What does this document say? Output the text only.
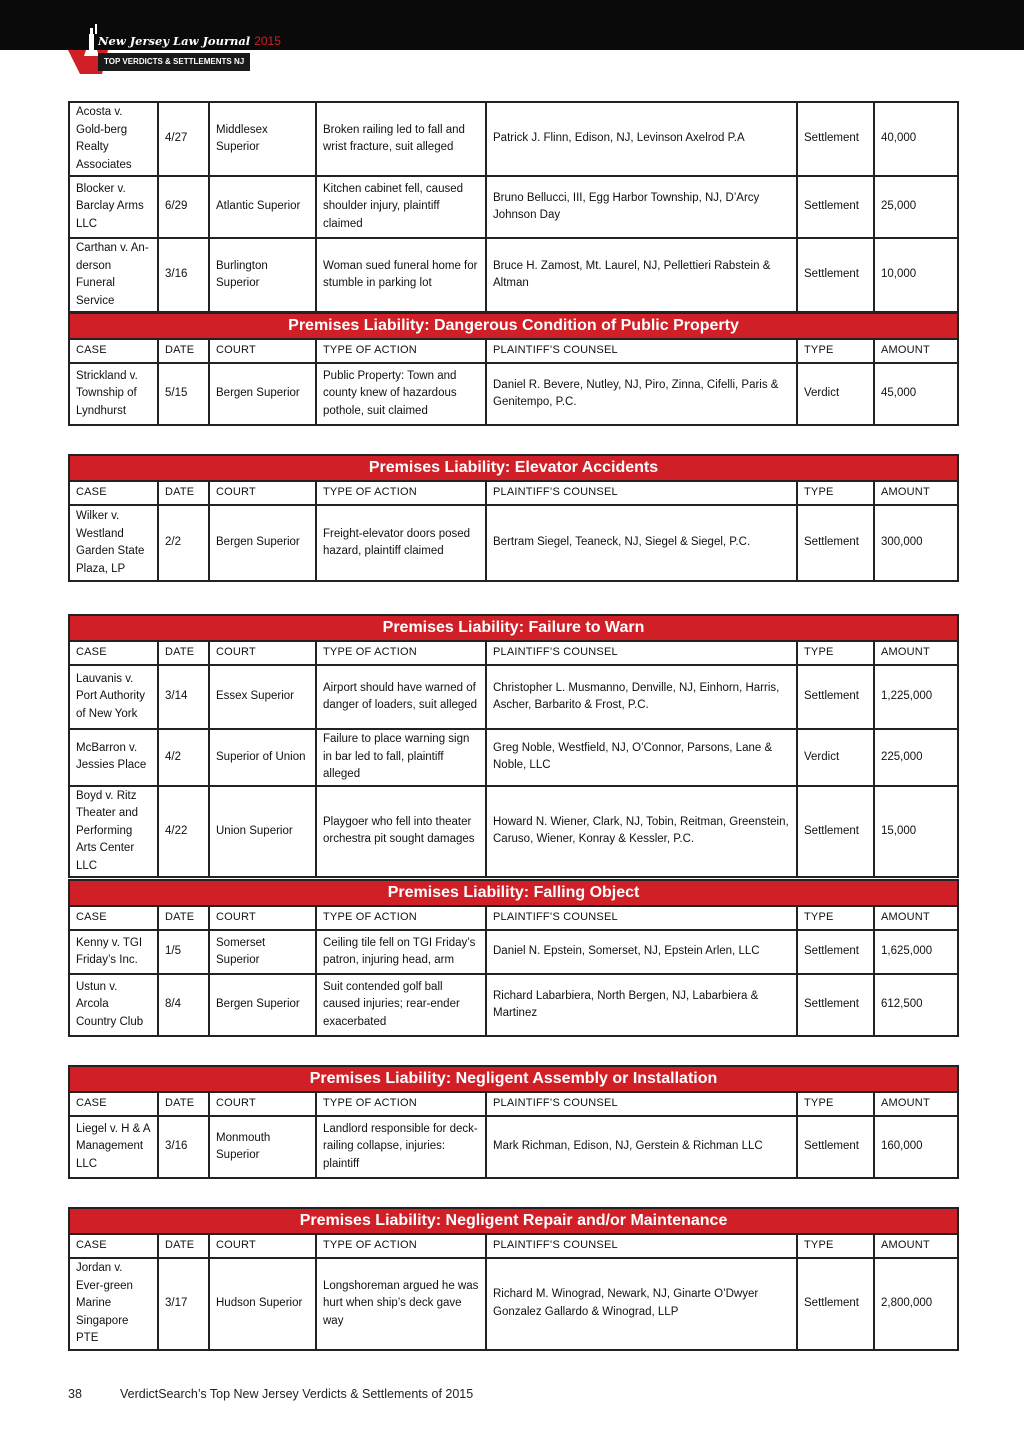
New Jersey Law Journal 2015
TOP VERDICTS & SETTLEMENTS NJ
Acosta v. Gold-berg Realty Associates	4/27	Middlesex Superior	Broken railing led to fall and wrist fracture, suit alleged	Patrick J. Flinn, Edison, NJ, Levinson Axelrod P.A	Settlement	40,000
Blocker v. Barclay Arms LLC	6/29	Atlantic Superior	Kitchen cabinet fell, caused shoulder injury, plaintiff claimed	Bruno Bellucci, III, Egg Harbor Township, NJ, D’Arcy Johnson Day	Settlement	25,000
Carthan v. An-derson Funeral Service	3/16	Burlington Superior	Woman sued funeral home for stumble in parking lot	Bruce H. Zamost, Mt. Laurel, NJ, Pellettieri Rabstein & Altman	Settlement	10,000
Premises Liability: Dangerous Condition of Public Property						
CASE	DATE	COURT	TYPE OF ACTION	PLAINTIFF’S COUNSEL	TYPE	AMOUNT
Strickland v. Township of Lyndhurst	5/15	Bergen Superior	Public Property: Town and county knew of hazardous pothole, suit claimed	Daniel R. Bevere, Nutley, NJ, Piro, Zinna, Cifelli, Paris & Genitempo, P.C.	Verdict	45,000
Premises Liability: Elevator Accidents						
CASE	DATE	COURT	TYPE OF ACTION	PLAINTIFF’S COUNSEL	TYPE	AMOUNT
Wilker v. Westland Garden State Plaza, LP	2/2	Bergen Superior	Freight-elevator doors posed hazard, plaintiff claimed	Bertram Siegel, Teaneck, NJ, Siegel & Siegel, P.C.	Settlement	300,000
Premises Liability: Failure to Warn						
CASE	DATE	COURT	TYPE OF ACTION	PLAINTIFF’S COUNSEL	TYPE	AMOUNT
Lauvanis v. Port Authority of New York	3/14	Essex Superior	Airport should have warned of danger of loaders, suit alleged	Christopher L. Musmanno, Denville, NJ, Einhorn, Harris, Ascher, Barbarito & Frost, P.C.	Settlement	1,225,000
McBarron v. Jessies Place	4/2	Superior of Union	Failure to place warning sign in bar led to fall, plaintiff alleged	Greg Noble, Westfield, NJ, O’Connor, Parsons, Lane & Noble, LLC	Verdict	225,000
Boyd v. Ritz Theater and Performing Arts Center LLC	4/22	Union Superior	Playgoer who fell into theater orchestra pit sought damages	Howard N. Wiener, Clark, NJ, Tobin, Reitman, Greenstein, Caruso, Wiener, Konray & Kessler, P.C.	Settlement	15,000
Premises Liability: Falling Object						
CASE	DATE	COURT	TYPE OF ACTION	PLAINTIFF’S COUNSEL	TYPE	AMOUNT
Kenny v. TGI Friday’s Inc.	1/5	Somerset Superior	Ceiling tile fell on TGI Friday’s patron, injuring head, arm	Daniel N. Epstein, Somerset, NJ, Epstein Arlen, LLC	Settlement	1,625,000
Ustun v. Arcola Country Club	8/4	Bergen Superior	Suit contended golf ball caused injuries; rear-ender exacerbated	Richard Labarbiera, North Bergen, NJ, Labarbiera & Martinez	Settlement	612,500
Premises Liability: Negligent Assembly or Installation						
CASE	DATE	COURT	TYPE OF ACTION	PLAINTIFF’S COUNSEL	TYPE	AMOUNT
Liegel v. H & A Management LLC	3/16	Monmouth Superior	Landlord responsible for deck-railing collapse, injuries: plaintiff	Mark Richman, Edison, NJ, Gerstein & Richman LLC	Settlement	160,000
Premises Liability: Negligent Repair and/or Maintenance						
CASE	DATE	COURT	TYPE OF ACTION	PLAINTIFF’S COUNSEL	TYPE	AMOUNT
Jordan v. Ever-green Marine Singapore PTE	3/17	Hudson Superior	Longshoreman argued he was hurt when ship’s deck gave way	Richard M. Winograd, Newark, NJ, Ginarte O’Dwyer Gonzalez Gallardo & Winograd, LLP	Settlement	2,800,000
38	VerdictSearch’s Top New Jersey Verdicts & Settlements of 2015
